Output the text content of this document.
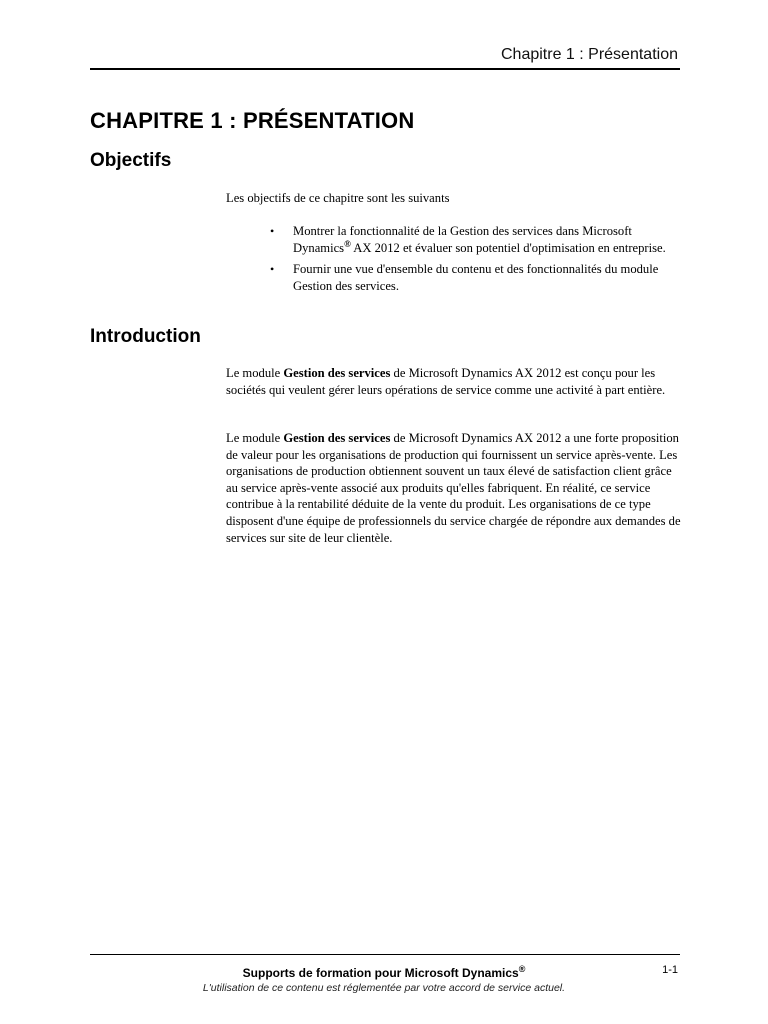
Chapitre 1 : Présentation
CHAPITRE 1 : PRÉSENTATION
Objectifs

Les objectifs de ce chapitre sont les suivants

• Montrer la fonctionnalité de la Gestion des services dans Microsoft Dynamics® AX 2012 et évaluer son potentiel d'optimisation en entreprise.
• Fournir une vue d'ensemble du contenu et des fonctionnalités du module Gestion des services.
Introduction

Le module Gestion des services de Microsoft Dynamics AX 2012 est conçu pour les sociétés qui veulent gérer leurs opérations de service comme une activité à part entière.

Le module Gestion des services de Microsoft Dynamics AX 2012 a une forte proposition de valeur pour les organisations de production qui fournissent un service après-vente. Les organisations de production obtiennent souvent un taux élevé de satisfaction client grâce au service après-vente associé aux produits qu'elles fabriquent. En réalité, ce service contribue à la rentabilité déduite de la vente du produit. Les organisations de ce type disposent d'une équipe de professionnels du service chargée de répondre aux demandes de services sur site de leur clientèle.

Supports de formation pour Microsoft Dynamics®
L'utilisation de ce contenu est réglementée par votre accord de service actuel.
1-1
